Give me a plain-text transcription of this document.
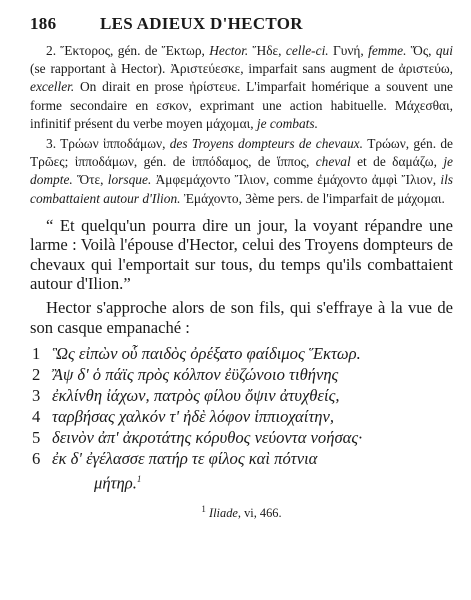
186	LES ADIEUX D'HECTOR

2. Ἕκτορος, gén. de Ἕκτωρ, Hector. Ἥδε, celle-ci. Γυνή, femme. Ὅς, qui (se rapportant à Hector). Ἀριστεύεσκε, imparfait sans augment de ἀριστεύω, exceller. On dirait en prose ἠρίστευε. L'imparfait homérique a souvent une forme secondaire en εσκον, exprimant une action habituelle. Μάχεσθαι, infinitif présent du verbe moyen μάχομαι, je combats.

3. Τρώων ἱπποδάμων, des Troyens dompteurs de chevaux. Τρώων, gén. de Τρῶες; ἱπποδάμων, gén. de ἱππόδαμος, de ἵππος, cheval et de δαμάζω, je dompte. Ὅτε, lorsque. Ἀμφεμάχοντο Ἴλιον, comme ἐμάχοντο ἀμφὶ Ἴλιον, ils combattaient autour d'Ilion. Ἐμάχοντο, 3ème pers. de l'imparfait de μάχομαι.

“ Et quelqu'un pourra dire un jour, la voyant répandre une larme : Voilà l'épouse d'Hector, celui des Troyens dompteurs de chevaux qui l'emportait sur tous, du temps qu'ils combattaient autour d'Ilion.”

Hector s'approche alors de son fils, qui s'effraye à la vue de son casque empanaché :

1 Ὣς εἰπὼν οὗ παιδὸς ὀρέξατο φαίδιμος Ἕκτωρ.
2 Ἂψ δ' ὁ πάϊς πρὸς κόλπον ἐϋζώνοιο τιθήνης
3 ἐκλίνθη ἰάχων, πατρὸς φίλου ὄψιν ἀτυχθείς,
4 ταρβήσας χαλκόν τ' ἠδὲ λόφον ἱππιοχαίτην,
5 δεινὸν ἀπ' ἀκροτάτης κόρυθος νεύοντα νοήσας·
6 ἐκ δ' ἐγέλασσε πατήρ τε φίλος καὶ πότνια
μήτηρ.$^1$
$^1$ Iliade, vi, 466.
